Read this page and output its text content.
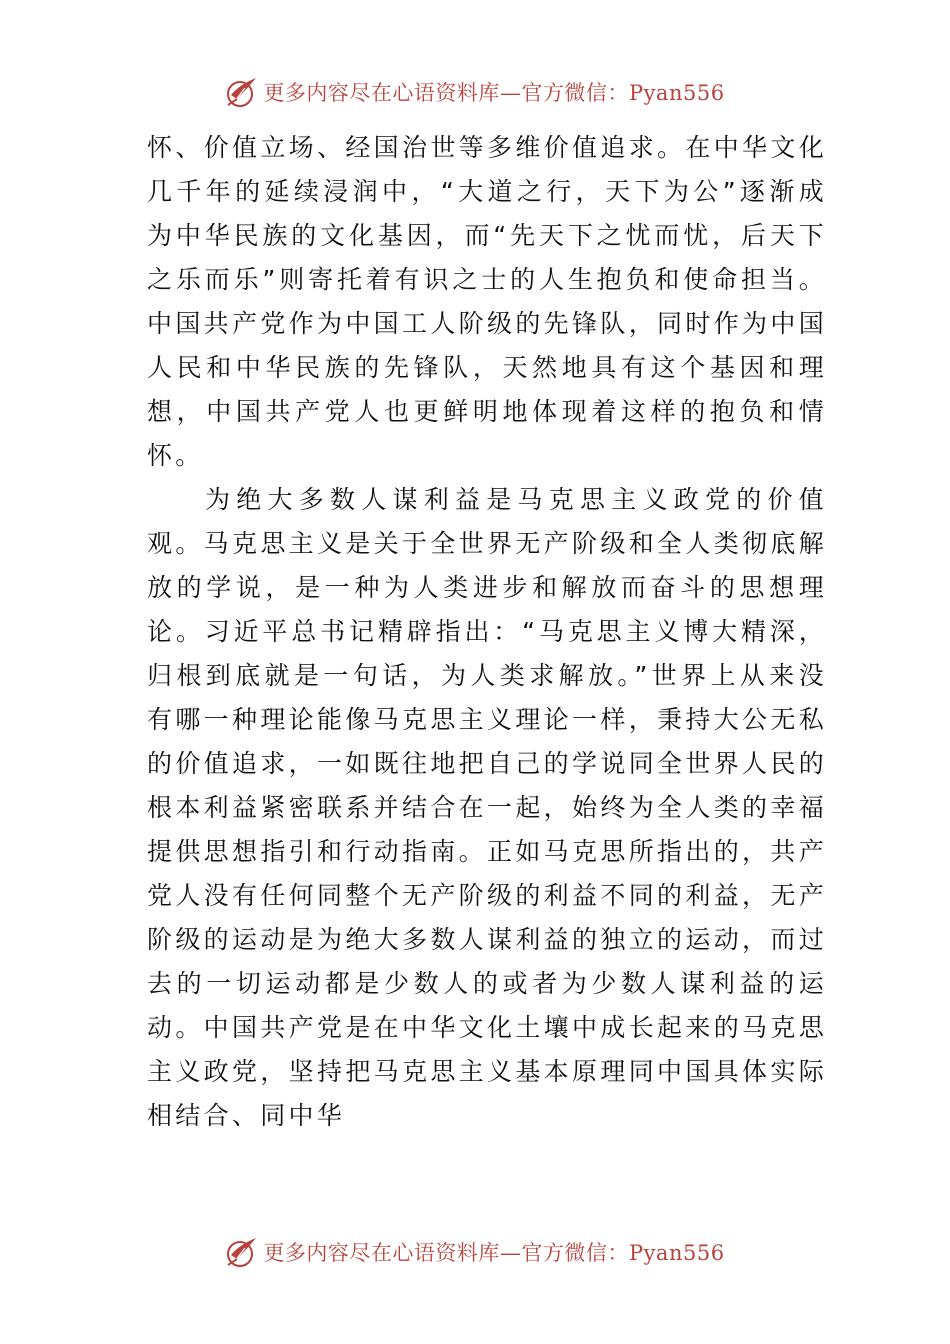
更多内容尽在心语资料库—官方微信：Pyan556

怀、价值立场、经国治世等多维价值追求。在中华文化几千年的延续浸润中，“大道之行，天下为公”逐渐成为中华民族的文化基因，而“先天下之忧而忧，后天下之乐而乐”则寄托着有识之士的人生抱负和使命担当。中国共产党作为中国工人阶级的先锋队，同时作为中国人民和中华民族的先锋队，天然地具有这个基因和理想，中国共产党人也更鲜明地体现着这样的抱负和情怀。

为绝大多数人谋利益是马克思主义政党的价值观。马克思主义是关于全世界无产阶级和全人类彻底解放的学说，是一种为人类进步和解放而奋斗的思想理论。习近平总书记精辟指出：“马克思主义博大精深，归根到底就是一句话，为人类求解放。”世界上从来没有哪一种理论能像马克思主义理论一样，秉持大公无私的价值追求，一如既往地把自己的学说同全世界人民的根本利益紧密联系并结合在一起，始终为全人类的幸福提供思想指引和行动指南。正如马克思所指出的，共产党人没有任何同整个无产阶级的利益不同的利益，无产阶级的运动是为绝大多数人谋利益的独立的运动，而过去的一切运动都是少数人的或者为少数人谋利益的运动。中国共产党是在中华文化土壤中成长起来的马克思主义政党，坚持把马克思主义基本原理同中国具体实际相结合、同中华

更多内容尽在心语资料库—官方微信：Pyan556
